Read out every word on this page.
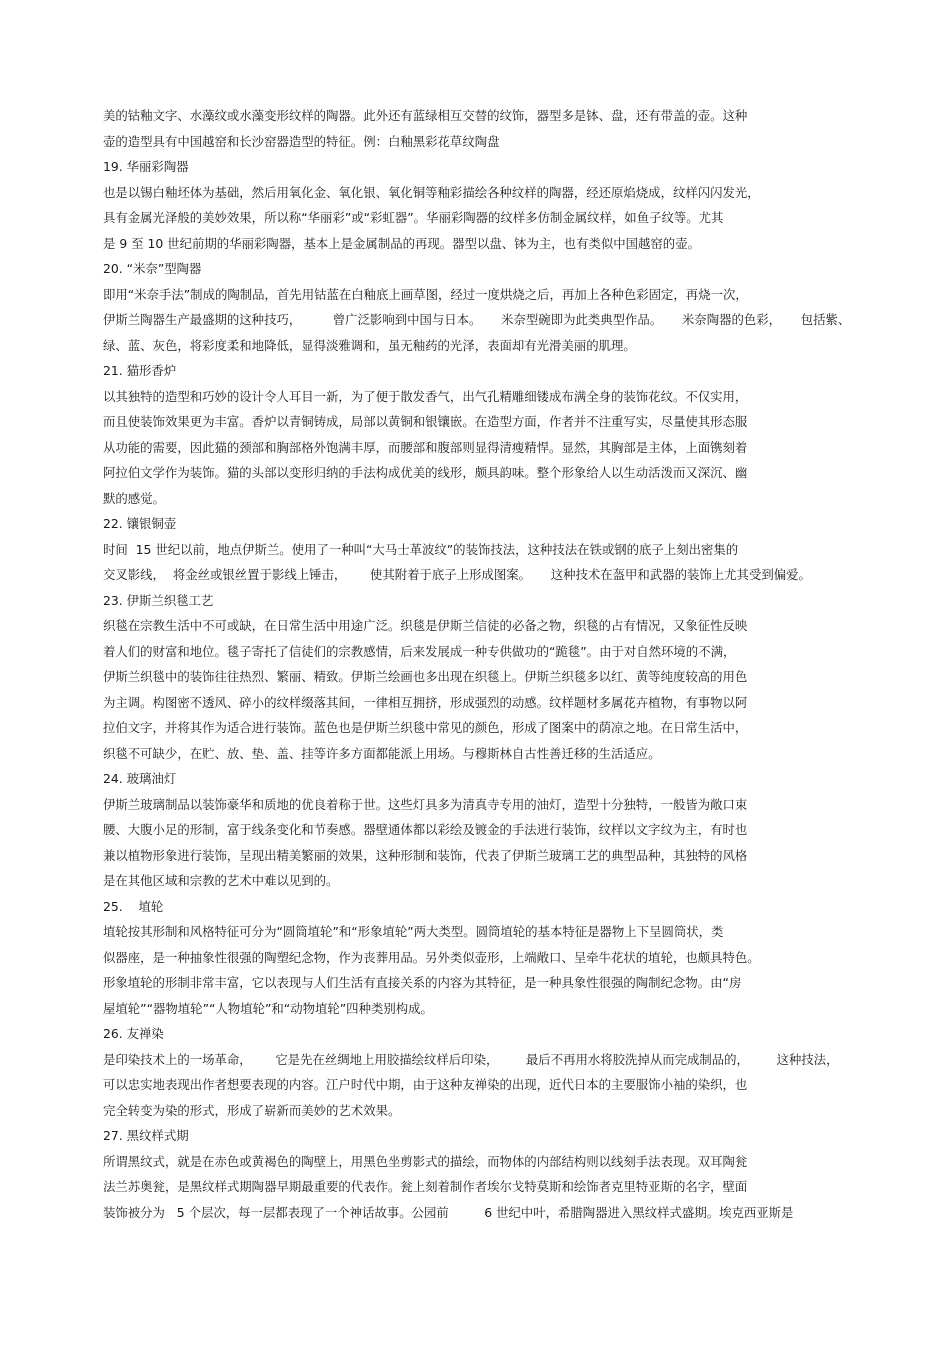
美的钴釉文字、水藻纹或水藻变形纹样的陶器。此外还有蓝绿相互交替的纹饰，器型多是钵、盘，还有带盖的壶。这种
壶的造型具有中国越窑和长沙窑器造型的特征。例：白釉黑彩花草纹陶盘
19. 华丽彩陶器
也是以锡白釉坯体为基础，然后用氧化金、氧化银、氧化铜等釉彩描绘各种纹样的陶器，经还原焰烧成，纹样闪闪发光，
具有金属光泽般的美妙效果，所以称“华丽彩”或“彩虹器”。华丽彩陶器的纹样多仿制金属纹样，如鱼子纹等。尤其
是 9 至 10 世纪前期的华丽彩陶器，基本上是金属制品的再现。器型以盘、钵为主，也有类似中国越窑的壶。
20. “米奈”型陶器
即用“米奈手法”制成的陶制品，首先用钴蓝在白釉底上画草图，经过一度烘烧之后，再加上各种色彩固定，再烧一次，
伊斯兰陶器生产最盛期的这种技巧，        曾广泛影响到中国与日本。     米奈型碗即为此类典型作品。     米奈陶器的色彩，     包括紫、
绿、蓝、灰色，将彩度柔和地降低，显得淡雅调和，虽无釉药的光泽，表面却有光滑美丽的肌理。
21. 猫形香炉
以其独特的造型和巧妙的设计令人耳目一新，为了便于散发香气，出气孔精雕细镂成布满全身的装饰花纹。不仅实用，
而且使装饰效果更为丰富。香炉以青铜铸成，局部以黄铜和银镶嵌。在造型方面，作者并不注重写实，尽量使其形态服
从功能的需要，因此猫的颈部和胸部格外饱满丰厚，而腰部和腹部则显得清瘦精悍。显然，其胸部是主体，上面镌刻着
阿拉伯文学作为装饰。猫的头部以变形归纳的手法构成优美的线形，颇具韵味。整个形象给人以生动活泼而又深沉、幽
默的感觉。
22. 镶银铜壶
时间  15 世纪以前，地点伊斯兰。使用了一种叫“大马士革波纹”的装饰技法，这种技法在铁或钢的底子上刻出密集的
交叉影线，  将金丝或银丝置于影线上锤击，      使其附着于底子上形成图案。     这种技术在盔甲和武器的装饰上尤其受到偏爱。
23. 伊斯兰织毯工艺
织毯在宗教生活中不可或缺，在日常生活中用途广泛。织毯是伊斯兰信徒的必备之物，织毯的占有情况，又象征性反映
着人们的财富和地位。毯子寄托了信徒们的宗教感情，后来发展成一种专供做功的“跪毯”。由于对自然环境的不满，
伊斯兰织毯中的装饰往往热烈、繁丽、精致。伊斯兰绘画也多出现在织毯上。伊斯兰织毯多以红、黄等纯度较高的用色
为主调。构图密不透风、碎小的纹样缀落其间，一律相互拥挤，形成强烈的动感。纹样题材多属花卉植物，有事物以阿
拉伯文字，并将其作为适合进行装饰。蓝色也是伊斯兰织毯中常见的颜色，形成了图案中的荫凉之地。在日常生活中，
织毯不可缺少，在贮、放、垫、盖、挂等许多方面都能派上用场。与穆斯林自古性善迁移的生活适应。
24. 玻璃油灯
伊斯兰玻璃制品以装饰豪华和质地的优良着称于世。这些灯具多为清真寺专用的油灯，造型十分独特，一般皆为敞口束
腰、大腹小足的形制，富于线条变化和节奏感。器壁通体都以彩绘及镀金的手法进行装饰，纹样以文字纹为主，有时也
兼以植物形象进行装饰，呈现出精美繁丽的效果，这种形制和装饰，代表了伊斯兰玻璃工艺的典型品种，其独特的风格
是在其他区域和宗教的艺术中难以见到的。
25.    埴轮
埴轮按其形制和风格特征可分为“圆筒埴轮”和“形象埴轮”两大类型。圆筒埴轮的基本特征是器物上下呈圆筒状，类
似器座，是一种抽象性很强的陶塑纪念物，作为丧葬用品。另外类似壶形，上端敞口、呈牵牛花状的埴轮，也颇具特色。
形象埴轮的形制非常丰富，它以表现与人们生活有直接关系的内容为其特征，是一种具象性很强的陶制纪念物。由“房
屋埴轮”“器物埴轮”“人物埴轮”和“动物埴轮”四种类别构成。
26. 友禅染
是印染技术上的一场革命，      它是先在丝绸地上用胶描绘纹样后印染，       最后不再用水将胶洗掉从而完成制品的，       这种技法，
可以忠实地表现出作者想要表现的内容。江户时代中期，由于这种友禅染的出现，近代日本的主要服饰小袖的染织，也
完全转变为染的形式，形成了崭新而美妙的艺术效果。
27. 黑纹样式期
所谓黑纹式，就是在赤色或黄褐色的陶壁上，用黑色坐剪影式的描绘，而物体的内部结构则以线刻手法表现。双耳陶瓮
法兰苏奥瓮，是黑纹样式期陶器早期最重要的代表作。瓮上刻着制作者埃尔戈特莫斯和绘饰者克里特亚斯的名字，壁面
装饰被分为   5 个层次，每一层都表现了一个神话故事。公园前         6 世纪中叶，希腊陶器进入黑纹样式盛期。埃克西亚斯是
